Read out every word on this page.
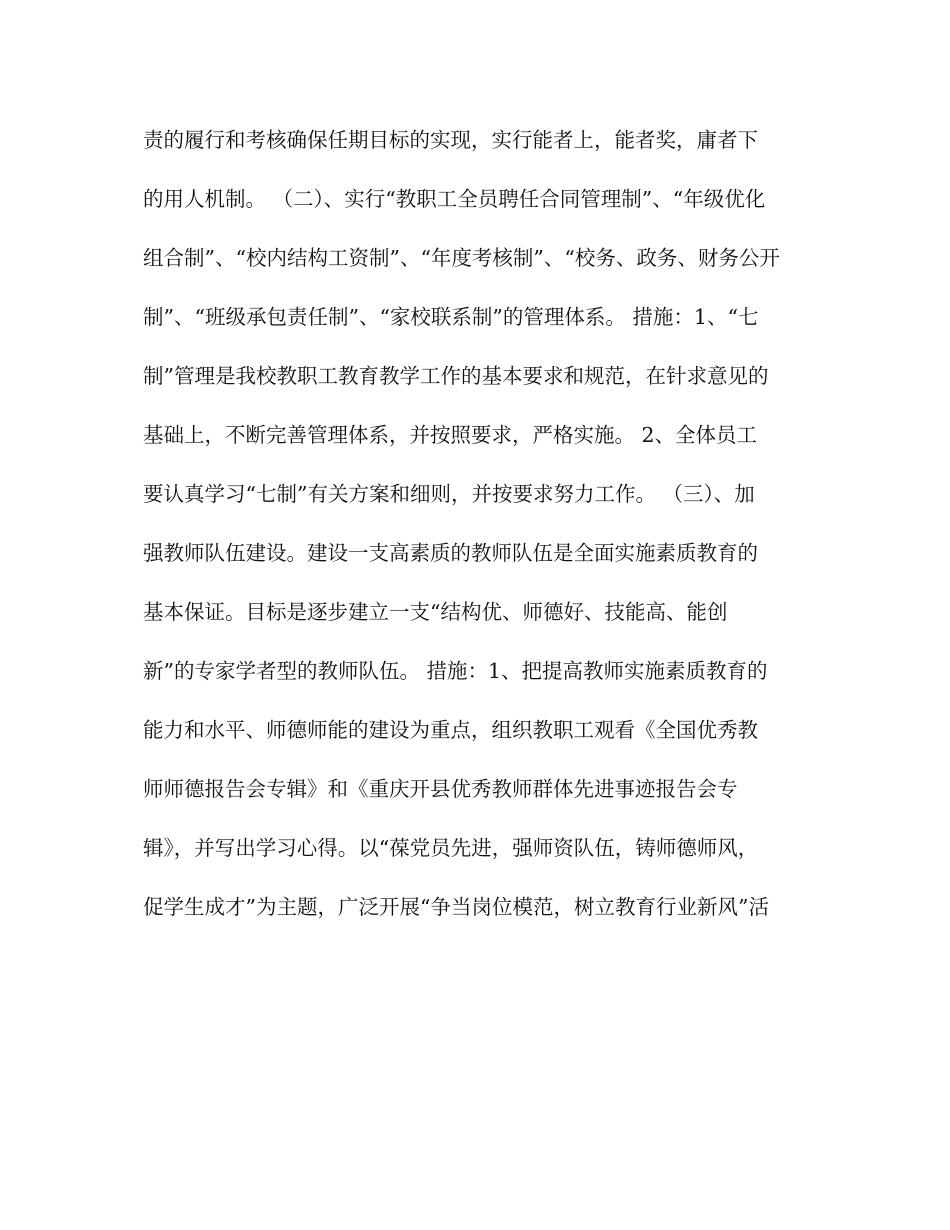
责的履行和考核确保任期目标的实现，实行能者上，能者奖，庸者下
的用人机制。 （二）、实行“教职工全员聘任合同管理制”、“年级优化
组合制”、“校内结构工资制”、“年度考核制”、“校务、政务、财务公开
制”、“班级承包责任制”、“家校联系制”的管理体系。 措施：1、“七
制”管理是我校教职工教育教学工作的基本要求和规范，在针求意见的
基础上，不断完善管理体系，并按照要求，严格实施。 2、全体员工
要认真学习“七制”有关方案和细则，并按要求努力工作。 （三）、加
强教师队伍建设。建设一支高素质的教师队伍是全面实施素质教育的
基本保证。目标是逐步建立一支“结构优、师德好、技能高、能创
新”的专家学者型的教师队伍。 措施：1、把提高教师实施素质教育的
能力和水平、师德师能的建设为重点，组织教职工观看《全国优秀教
师师德报告会专辑》和《重庆开县优秀教师群体先进事迹报告会专
辑》，并写出学习心得。以“葆党员先进，强师资队伍，铸师德师风，
促学生成才”为主题，广泛开展“争当岗位模范，树立教育行业新风”活
